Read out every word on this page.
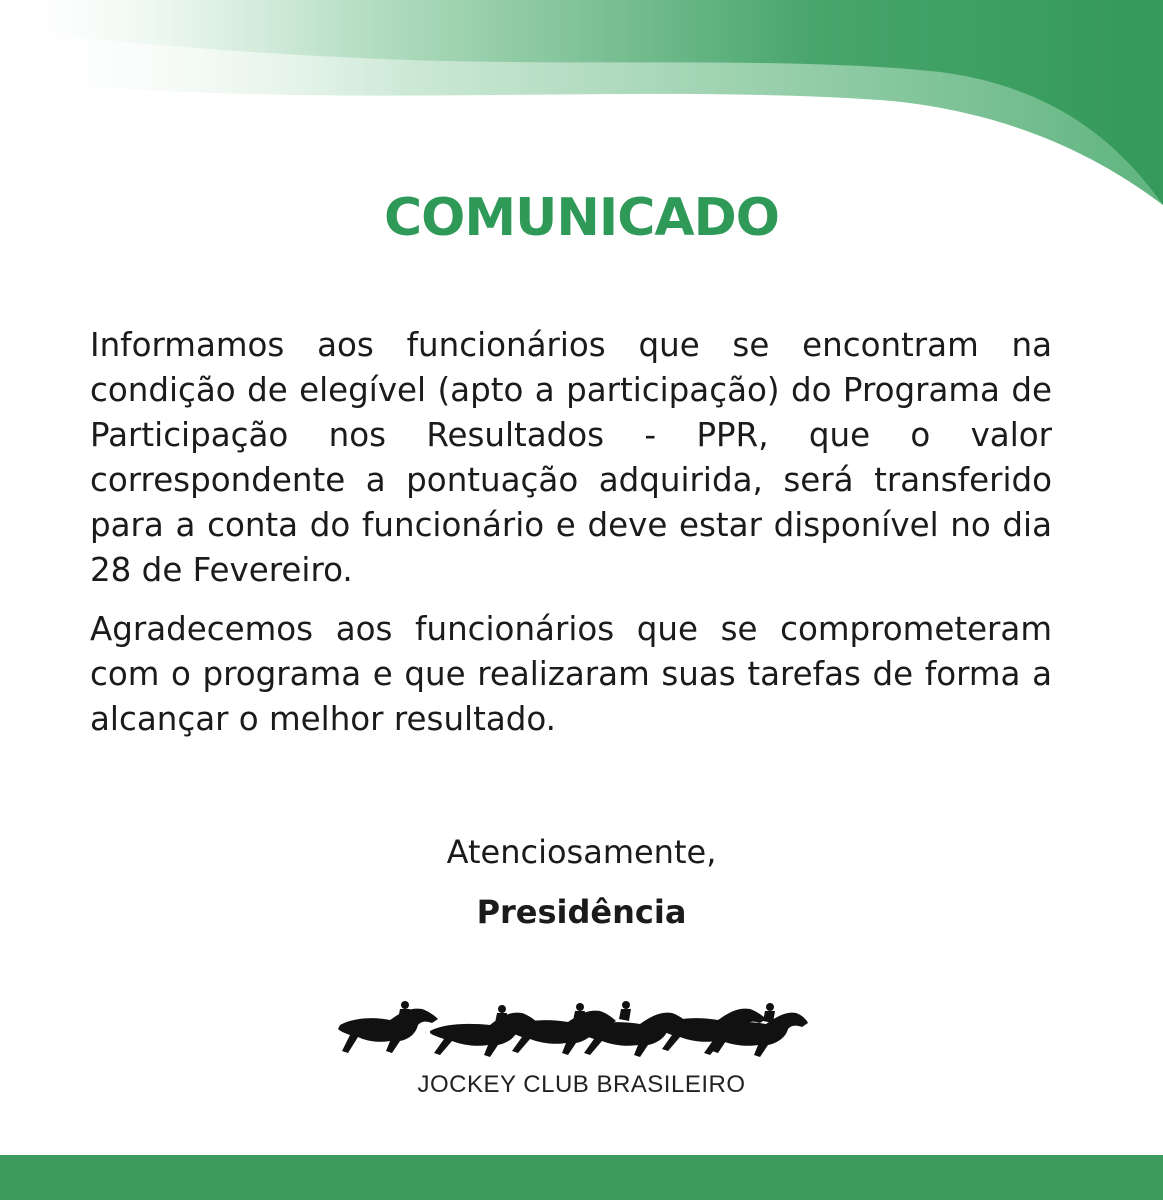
COMUNICADO

Informamos aos funcionários que se encontram na condição de elegível (apto a participação) do Programa de Participação nos Resultados - PPR, que o valor correspondente a pontuação adquirida, será transferido para a conta do funcionário e deve estar disponível no dia 28 de Fevereiro.

Agradecemos aos funcionários que se comprometeram com o programa e que realizaram suas tarefas de forma a alcançar o melhor resultado.

Atenciosamente,
Presidência
JOCKEY CLUB BRASILEIRO
